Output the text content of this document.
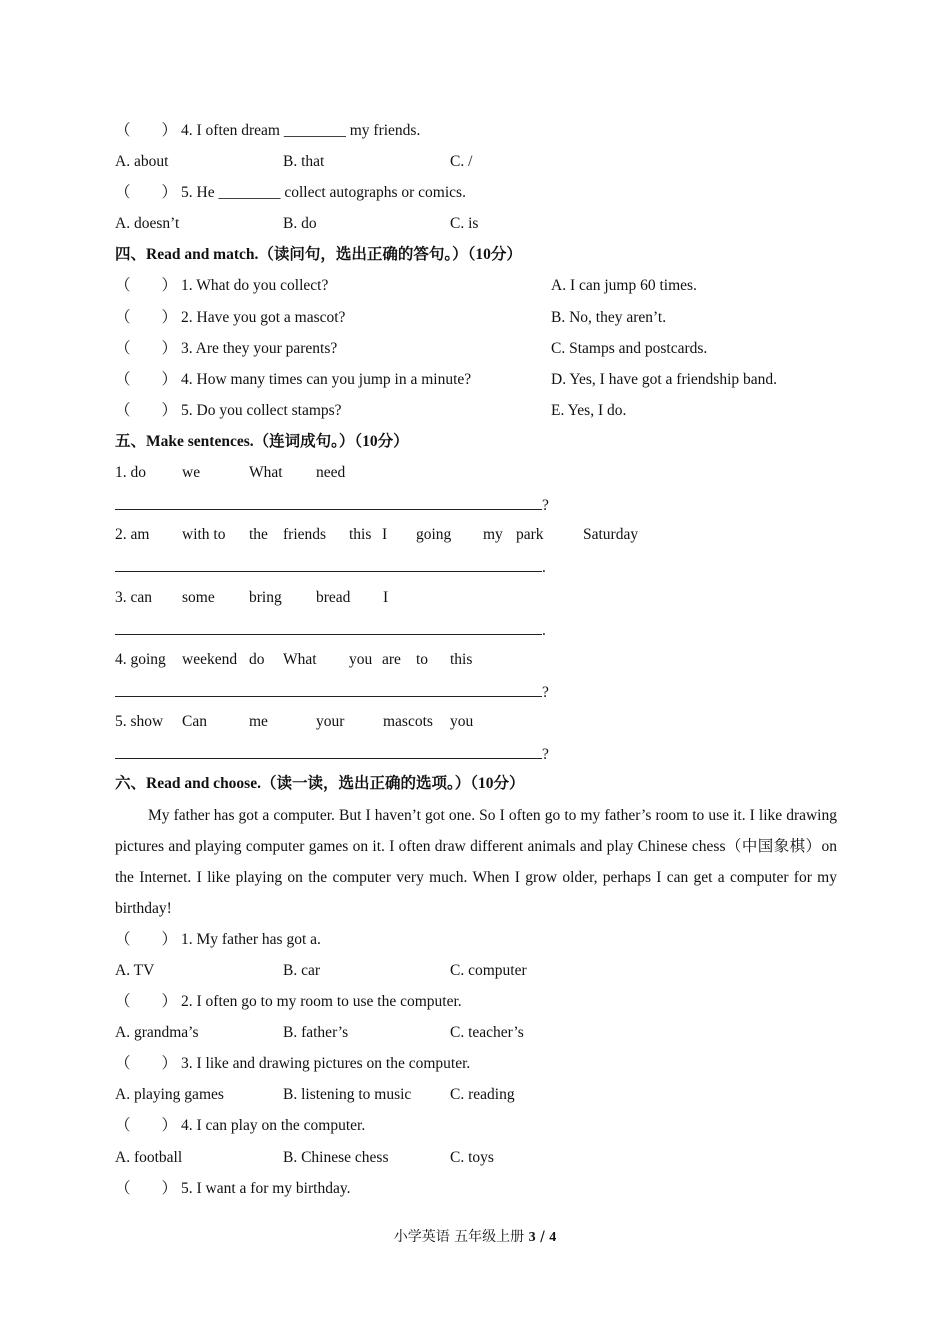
（　　） 4. I often dream ________ my friends.
A. about	B. that	C. /
（　　） 5. He ________ collect autographs or comics.
A. doesn’t	B. do	C. is
四、Read and match.（读问句，选出正确的答句。）（10分）
（　　） 1. What do you collect?	A. I can jump 60 times.
（　　） 2. Have you got a mascot?	B. No, they aren’t.
（　　） 3. Are they your parents?	C. Stamps and postcards.
（　　） 4. How many times can you jump in a minute?	D. Yes, I have got a friendship band.
（　　） 5. Do you collect stamps?	E. Yes, I do.
五、Make sentences.（连词成句。）（10分）
1. do we	What need
?
2. am with to the friends this I going my park	Saturday
.
3. can some bring bread I
.
4. going weekend do What you are to this
?
5. show Can	me	your mascots you
?
六、Read and choose.（读一读，选出正确的选项。）（10分）
My father has got a computer. But I haven’t got one. So I often go to my father’s room to use it. I like drawing pictures and playing computer games on it. I often draw different animals and play Chinese chess（中国象棋）on the Internet. I like playing on the computer very much. When I grow older, perhaps I can get a computer for my birthday!
（　　） 1. My father has got a.
A. TV	B. car	C. computer
（　　） 2. I often go to my room to use the computer.
A. grandma’s	B. father’s	C. teacher’s
（　　） 3. I like and drawing pictures on the computer.
A. playing games	B. listening to music C. reading
（　　） 4. I can play on the computer.
A. football	B. Chinese chess	C. toys
（　　） 5. I want a for my birthday.
小学英语 五年级上册 3 / 4
